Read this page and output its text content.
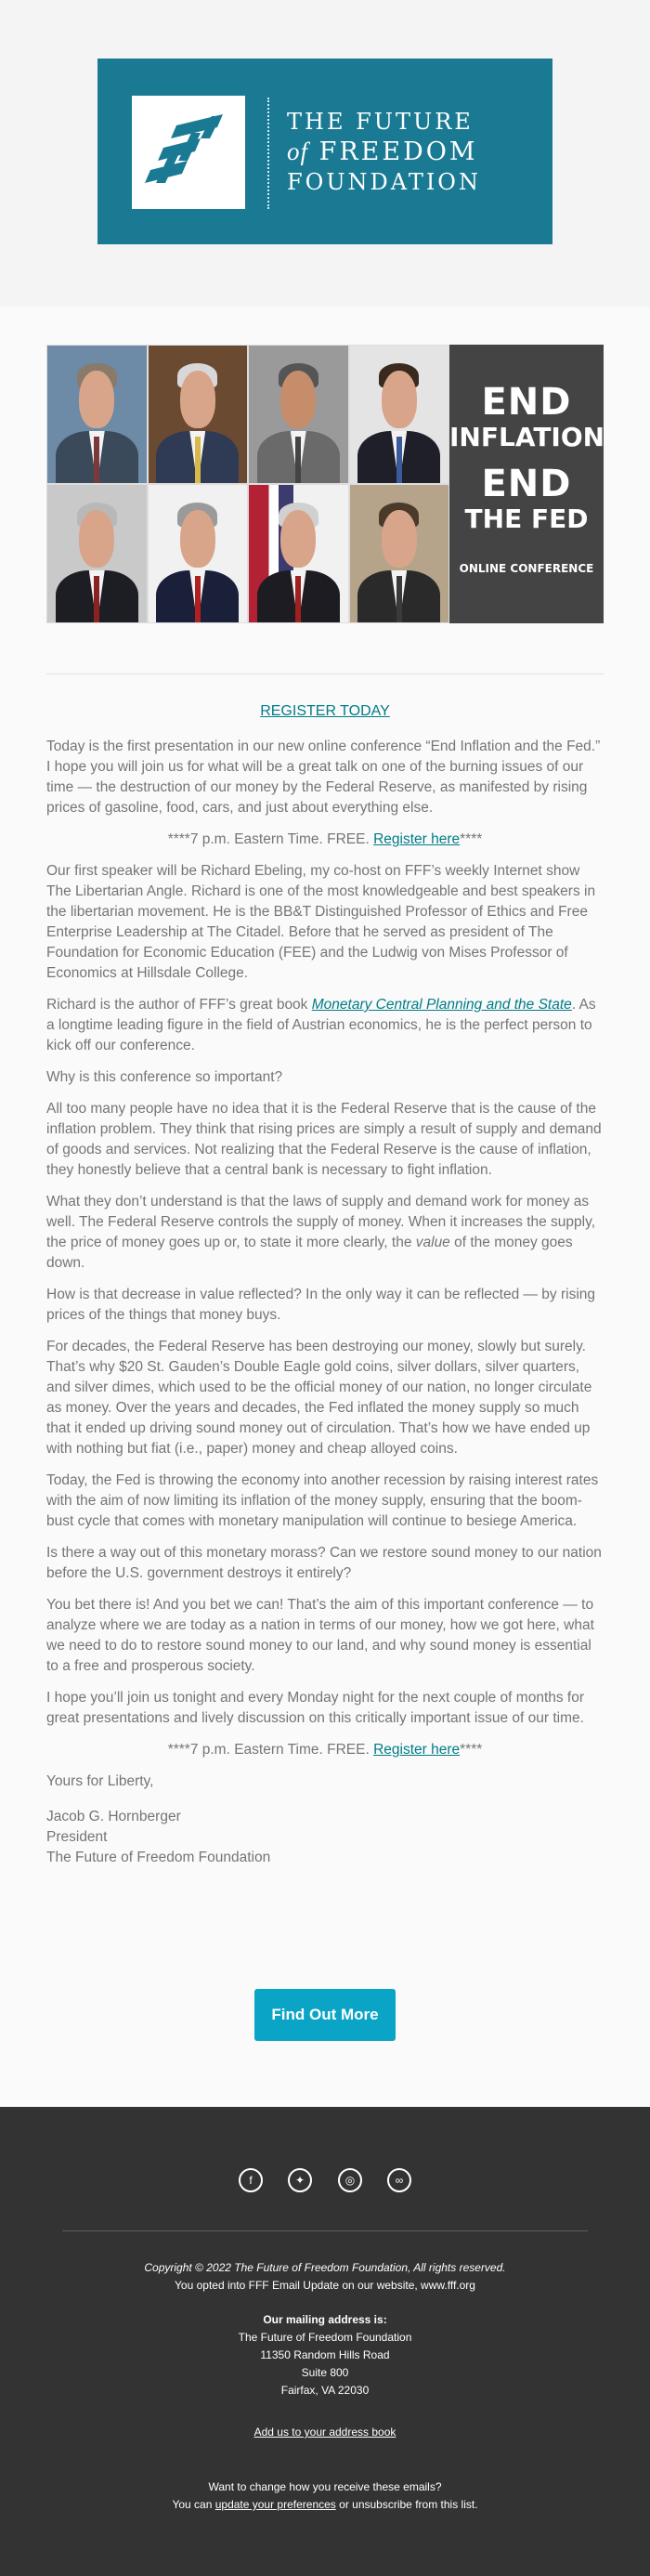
THE FUTURE
of FREEDOM
FOUNDATION
END
INFLATION
END
THE FED
ONLINE CONFERENCE
REGISTER TODAY

Today is the first presentation in our new online conference “End Inflation and the Fed.” I hope you will join us for what will be a great talk on one of the burning issues of our time — the destruction of our money by the Federal Reserve, as manifested by rising prices of gasoline, food, cars, and just about everything else.

****7 p.m. Eastern Time. FREE. Register here****

Our first speaker will be Richard Ebeling, my co-host on FFF’s weekly Internet show The Libertarian Angle. Richard is one of the most knowledgeable and best speakers in the libertarian movement. He is the BB&T Distinguished Professor of Ethics and Free Enterprise Leadership at The Citadel. Before that he served as president of The Foundation for Economic Education (FEE) and the Ludwig von Mises Professor of Economics at Hillsdale College.

Richard is the author of FFF’s great book Monetary Central Planning and the State. As a longtime leading figure in the field of Austrian economics, he is the perfect person to kick off our conference.

Why is this conference so important?

All too many people have no idea that it is the Federal Reserve that is the cause of the inflation problem. They think that rising prices are simply a result of supply and demand of goods and services. Not realizing that the Federal Reserve is the cause of inflation, they honestly believe that a central bank is necessary to fight inflation.

What they don’t understand is that the laws of supply and demand work for money as well. The Federal Reserve controls the supply of money. When it increases the supply, the price of money goes up or, to state it more clearly, the value of the money goes down.

How is that decrease in value reflected? In the only way it can be reflected — by rising prices of the things that money buys.

For decades, the Federal Reserve has been destroying our money, slowly but surely. That’s why $20 St. Gauden’s Double Eagle gold coins, silver dollars, silver quarters, and silver dimes, which used to be the official money of our nation, no longer circulate as money. Over the years and decades, the Fed inflated the money supply so much that it ended up driving sound money out of circulation. That’s how we have ended up with nothing but fiat (i.e., paper) money and cheap alloyed coins.

Today, the Fed is throwing the economy into another recession by raising interest rates with the aim of now limiting its inflation of the money supply, ensuring that the boom-bust cycle that comes with monetary manipulation will continue to besiege America.

Is there a way out of this monetary morass? Can we restore sound money to our nation before the U.S. government destroys it entirely?

You bet there is! And you bet we can! That’s the aim of this important conference — to analyze where we are today as a nation in terms of our money, how we got here, what we need to do to restore sound money to our land, and why sound money is essential to a free and prosperous society.

I hope you’ll join us tonight and every Monday night for the next couple of months for great presentations and lively discussion on this critically important issue of our time.

****7 p.m. Eastern Time. FREE. Register here****

Yours for Liberty,

Jacob G. Hornberger
President
The Future of Freedom Foundation
Find Out More
f	✦	◎	∞

Copyright © 2022 The Future of Freedom Foundation, All rights reserved.
You opted into FFF Email Update on our website, www.fff.org

Our mailing address is:
The Future of Freedom Foundation
11350 Random Hills Road
Suite 800
Fairfax, VA 22030

Add us to your address book

Want to change how you receive these emails?
You can update your preferences or unsubscribe from this list.
